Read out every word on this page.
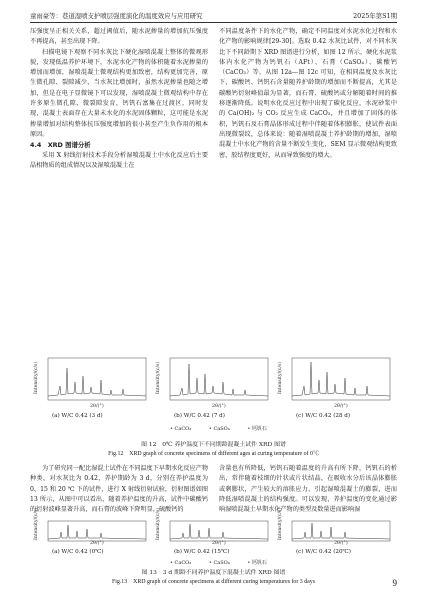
童雨豪等：巷道湿喷支护喷层强度演化的温度效应与应用研究	2025年第S1期

压强度呈正相关关系，超过阈值后，随水泥掺量的增加抗压强度不再提高，甚至出现下降。

扫描电镜下观察不同水灰比下硬化湿喷混凝土整体的微观形貌，发现低温养护环境下，水泥水化产物的体积随着水泥掺量的增加而增加，湿喷混凝土微观结构更加致密，结构更加完善，原生微孔隙、裂隙减少，当水灰比增加时，虽然水泥掺量也随之增加，但是在电子显微镜下可以发现，湿喷混凝土微观结构中存在许多原生微孔隙、微裂隙发育，钙钒石富集在过渡区，同时发现，混凝土表面存在大量未水化的水泥固体颗粒，这可能是水泥掺量增加对结构整体抗压强度增加的很小甚至产生负作用的根本原因。

4.4　XRD 图谱分析

采用 X 射线衍射技术手段分析湿喷混凝土中水化反应后主要晶相物质的组成情况以及湿喷混凝土在

不同温度条件下的水化产物，确定不同温度对水泥水化过程和水化产物的影响规律[29-30]。选取 0.42 水灰比试件，对不同水灰比下不同龄期下 XRD 图谱进行分析，如图 12 所示，硬化水泥浆体内水化产物为钙钒石（AFt）、石膏（CaSO₄）、碳酸钙（CaCO₃）等，从图 12a—图 12c 可知，在相同温度及水灰比下，碳酸钙、钙钒石含量随养护龄期的增加而不断提高，尤其是碳酸钙衍射峰值最为显著，而石膏、硫酸钙或分解随着时间的推移逐渐降低。说明水化反应过程中出现了碳化反应，水泥砂浆中的 Ca(OH)₂ 与 CO₂ 反应生成 CaCO₃，并且增加了固体的体积，钙钒石及石膏晶体形成过程中伴随着体积膨胀，使试件表面出现微裂纹，总体来说：随着湿喷混凝土养护龄期的增加，湿喷混凝土中水化产物的含量不断发生变化，SEM 显示微观结构更致密、胶结程度更好，从而导致强度的增大。

Intensity/(c/s)
2θ/(°)
(a) W/C 0.42 (3 d)
Intensity/(c/s)
2θ/(°)
(b) W/C 0.42 (7 d)
Intensity/(c/s)
2θ/(°)
(c) W/C 0.42 (28 d)
• CaCO₃	• CaSO₄	• 钙钒石
图 12　0℃ 养护温度下不同期龄混凝土试件 XRD 图谱
Fig.12　XRD graph of concrete specimens of different ages at curing temperature of 0℃

为了研究同一配比湿混土试件在不同温度下早期水化反应产物种类，对水灰比为 0.42，养护期龄为 3 d，分别在养护温度为 0、15 和 20 ℃ 下的试件，进行 X 射线衍射试验，衍射图谱如图 13 所示，从图中可以看出，随着养护温度的升高，试件中碳酸钙的衍射波峰显著升高，而石膏的波峰下降明显，硫酸钙的

含量也有所降低，钙钒石随着温度的升高有所下降，钙钒石的析出，常伴随着枝细的针状或片状结晶，在吸收水分后该晶体膨胀或剩膨状，产生较大的溶胀应力，引起湿喷混凝土的膨裂，进而降低湿喷混凝土的结构强度。可以发现，养护温度的变化通过影响湿喷混凝土早期水化产物的类型及数量进而影响湿

Intensity/(c/s)
2θ/(°)
(a) W/C 0.42 (0℃)
Intensity/(c/s)
2θ/(°)
(b) W/C 0.42 (15℃)
Intensity/(c/s)
2θ/(°)
(c) W/C 0.42 (20℃)
• CaCO₃	• CaSO₄	• 钙钒石
图 13　3 d 期龄不同养护温度下混凝土试件 XRD 图谱
Fig.13　XRD graph of concrete specimens at different curing temperatures for 3 days	9
